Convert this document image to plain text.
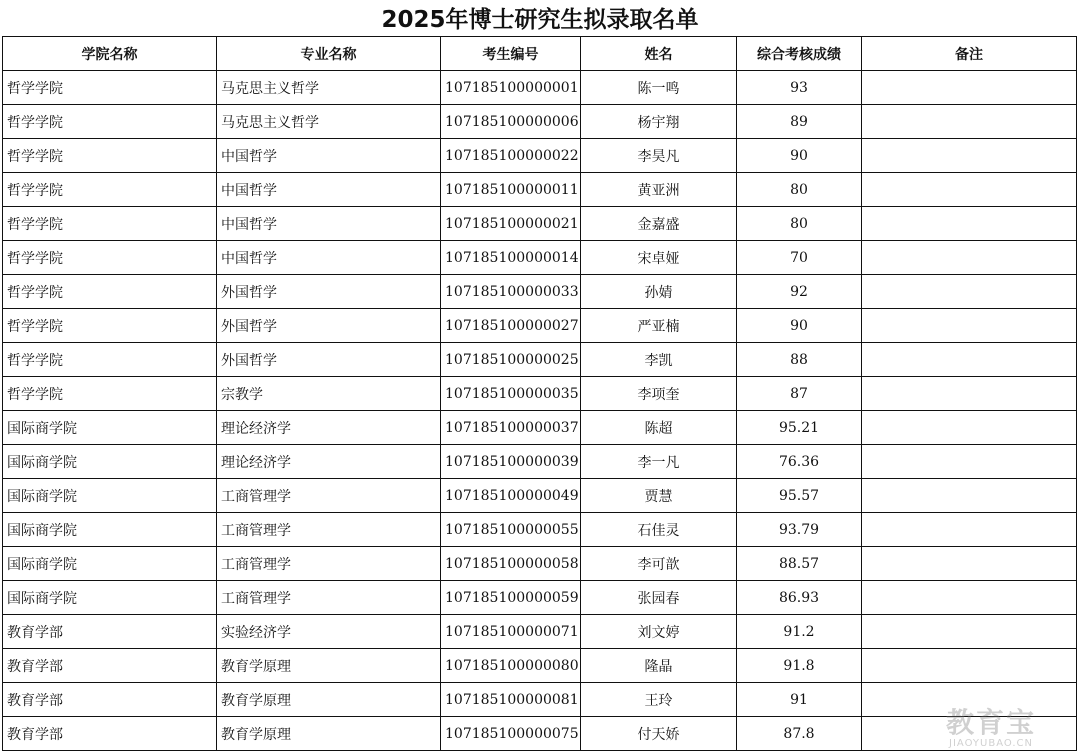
2025年博士研究生拟录取名单
学院名称	专业名称	考生编号	姓名	综合考核成绩	备注
哲学学院	马克思主义哲学	107185100000001	陈一鸣	93	
哲学学院	马克思主义哲学	107185100000006	杨宇翔	89	
哲学学院	中国哲学	107185100000022	李昊凡	90	
哲学学院	中国哲学	107185100000011	黄亚洲	80	
哲学学院	中国哲学	107185100000021	金嘉盛	80	
哲学学院	中国哲学	107185100000014	宋卓娅	70	
哲学学院	外国哲学	107185100000033	孙婧	92	
哲学学院	外国哲学	107185100000027	严亚楠	90	
哲学学院	外国哲学	107185100000025	李凯	88	
哲学学院	宗教学	107185100000035	李项奎	87	
国际商学院	理论经济学	107185100000037	陈超	95.21	
国际商学院	理论经济学	107185100000039	李一凡	76.36	
国际商学院	工商管理学	107185100000049	贾慧	95.57	
国际商学院	工商管理学	107185100000055	石佳灵	93.79	
国际商学院	工商管理学	107185100000058	李可歆	88.57	
国际商学院	工商管理学	107185100000059	张园春	86.93	
教育学部	实验经济学	107185100000071	刘文婷	91.2	
教育学部	教育学原理	107185100000080	隆晶	91.8	
教育学部	教育学原理	107185100000081	王玲	91	
教育学部	教育学原理	107185100000075	付天娇	87.8		教育宝
JIAOYUBAO.CN
